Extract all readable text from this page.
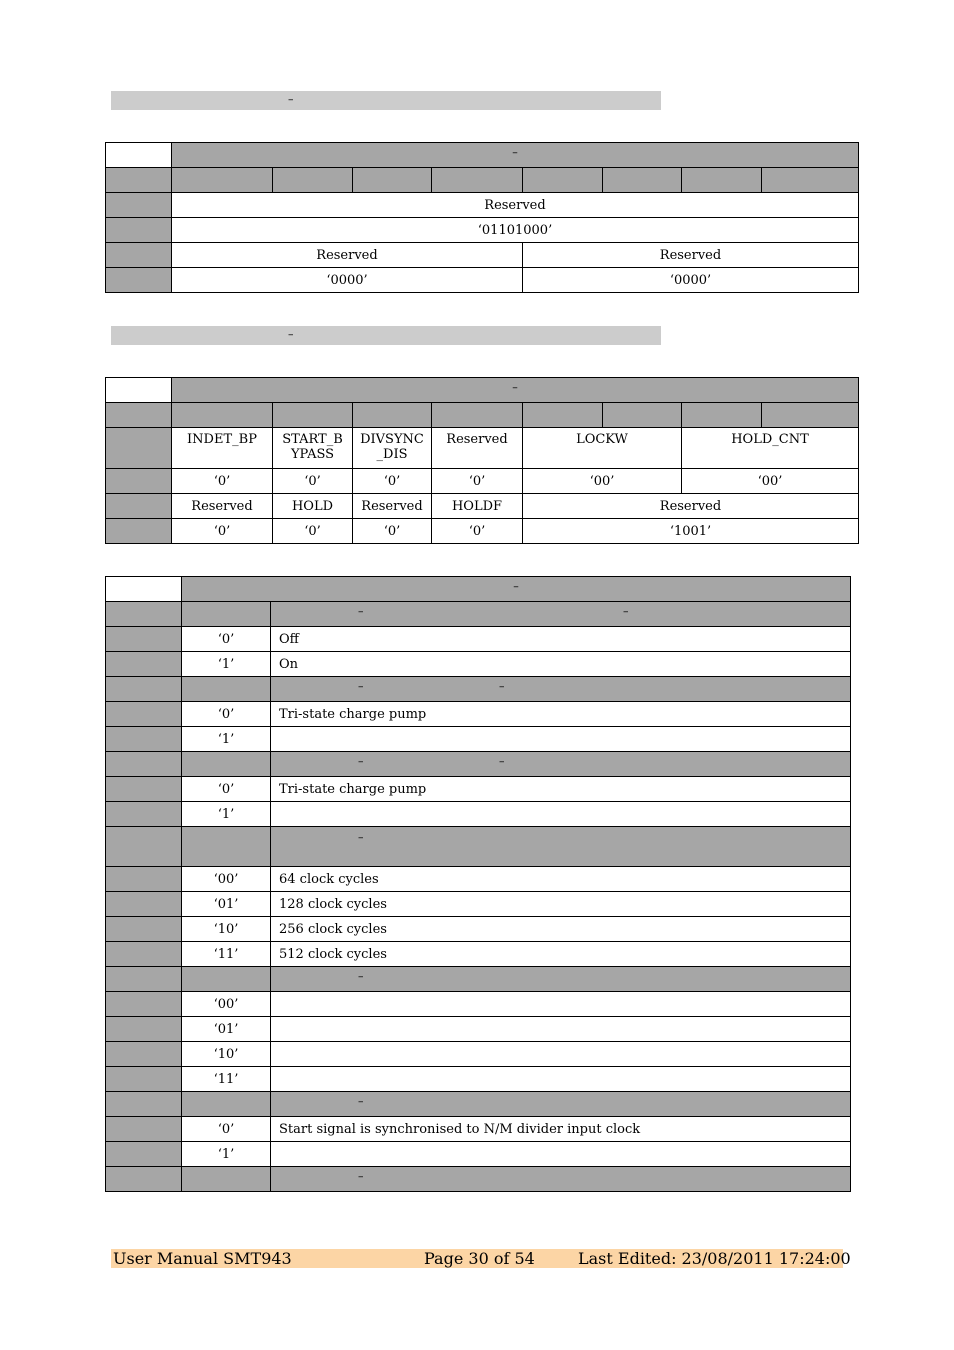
–
–
	–

	Reserved							
	‘01101000’							
	Reserved				Reserved			
	‘0000’				‘0000’			
	–

	INDET_BP	START_B YPASS	DIVSYNC _DIS	Reserved	LOCKW		HOLD_CNT	
	‘0’	‘0’	‘0’	‘0’	‘00’		‘00’	
	Reserved	HOLD	Reserved	HOLDF	Reserved			
	‘0’	‘0’	‘0’	‘0’	‘1001’			
	–

		– –

	‘0’	Off
	‘1’	On

		– –

	‘0’	Tri-state charge pump
	‘1’	

		– –

	‘0’	Tri-state charge pump
	‘1’	

		–

	‘00’	64 clock cycles
	‘01’	128 clock cycles
	‘10’	256 clock cycles
	‘11’	512 clock cycles

		–

	‘00’	
	‘01’	
	‘10’	
	‘11’	

		–

	‘0’	Start signal is synchronised to N/M divider input clock
	‘1’	

		–
User Manual SMT943	Page 30 of 54	Last Edited: 23/08/2011 17:24:00
